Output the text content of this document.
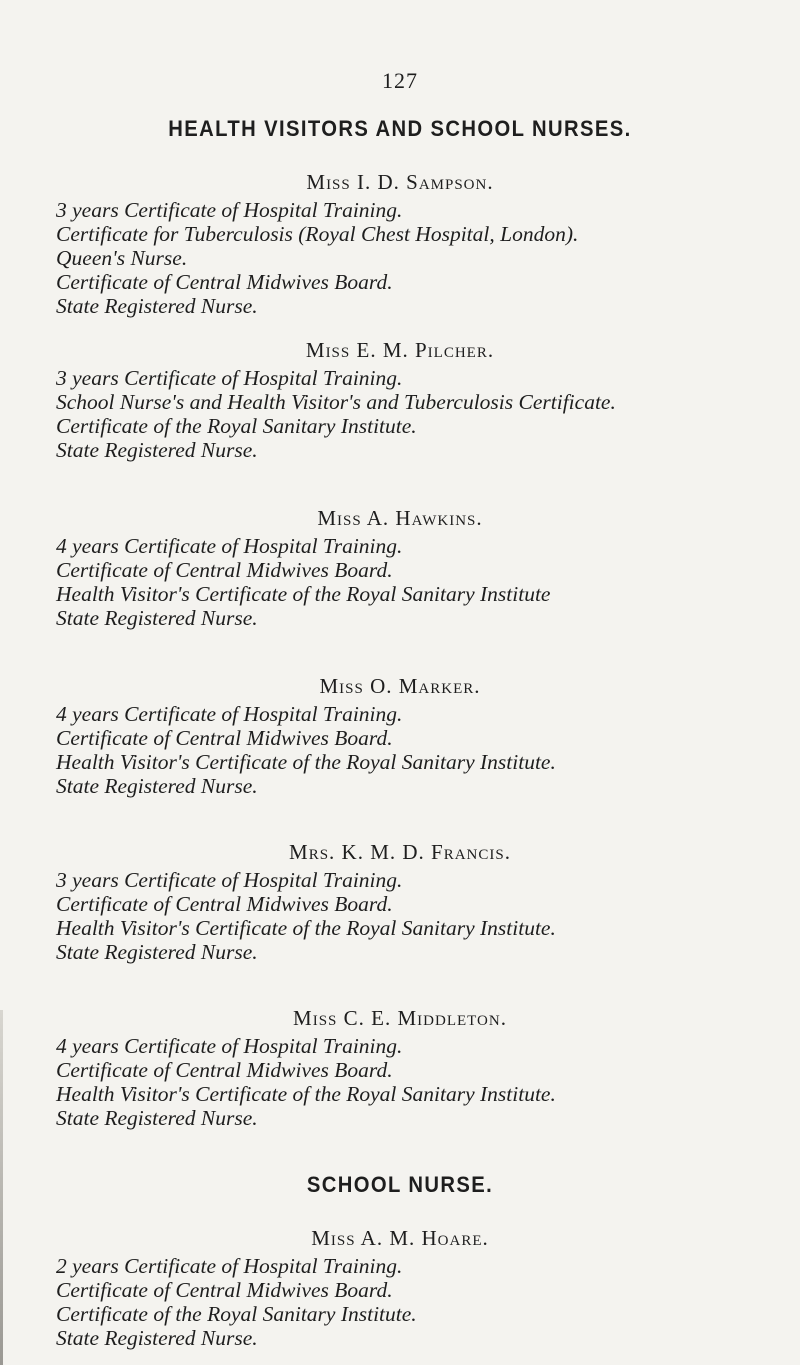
127
HEALTH VISITORS AND SCHOOL NURSES.
Miss I. D. Sampson.
3 years Certificate of Hospital Training.
Certificate for Tuberculosis (Royal Chest Hospital, London).
Queen's Nurse.
Certificate of Central Midwives Board.
State Registered Nurse.
Miss E. M. Pilcher.
3 years Certificate of Hospital Training.
School Nurse's and Health Visitor's and Tuberculosis Certificate.
Certificate of the Royal Sanitary Institute.
State Registered Nurse.
Miss A. Hawkins.
4 years Certificate of Hospital Training.
Certificate of Central Midwives Board.
Health Visitor's Certificate of the Royal Sanitary Institute
State Registered Nurse.
Miss O. Marker.
4 years Certificate of Hospital Training.
Certificate of Central Midwives Board.
Health Visitor's Certificate of the Royal Sanitary Institute.
State Registered Nurse.
Mrs. K. M. D. Francis.
3 years Certificate of Hospital Training.
Certificate of Central Midwives Board.
Health Visitor's Certificate of the Royal Sanitary Institute.
State Registered Nurse.
Miss C. E. Middleton.
4 years Certificate of Hospital Training.
Certificate of Central Midwives Board.
Health Visitor's Certificate of the Royal Sanitary Institute.
State Registered Nurse.
SCHOOL NURSE.
Miss A. M. Hoare.
2 years Certificate of Hospital Training.
Certificate of Central Midwives Board.
Certificate of the Royal Sanitary Institute.
State Registered Nurse.
